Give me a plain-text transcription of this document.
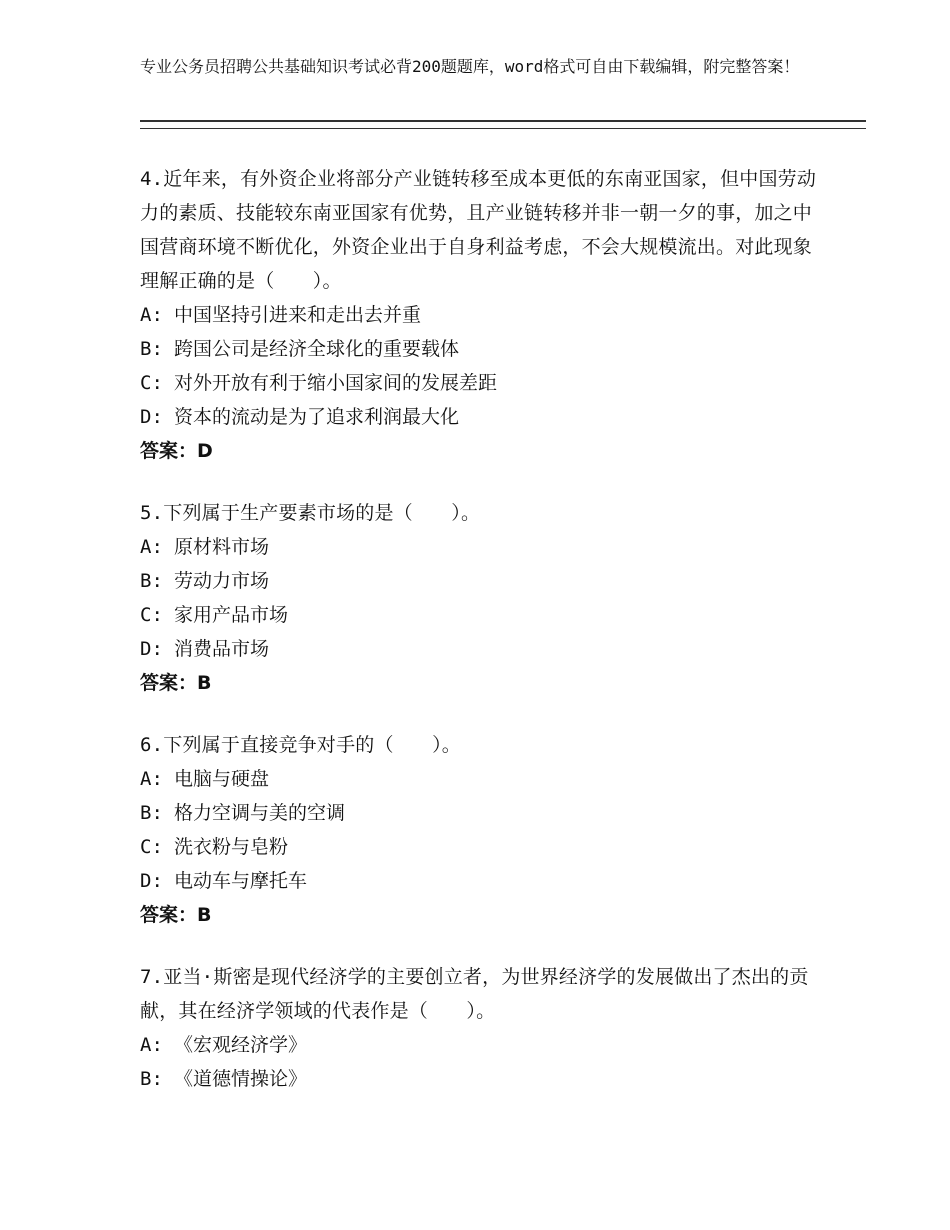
专业公务员招聘公共基础知识考试必背200题题库，word格式可自由下载编辑，附完整答案！

4.近年来，有外资企业将部分产业链转移至成本更低的东南亚国家，但中国劳动力的素质、技能较东南亚国家有优势，且产业链转移并非一朝一夕的事，加之中国营商环境不断优化，外资企业出于自身利益考虑，不会大规模流出。对此现象理解正确的是（　　）。

A: 中国坚持引进来和走出去并重

B: 跨国公司是经济全球化的重要载体

C: 对外开放有利于缩小国家间的发展差距

D: 资本的流动是为了追求利润最大化

答案：D

5.下列属于生产要素市场的是（　　）。

A: 原材料市场

B: 劳动力市场

C: 家用产品市场

D: 消费品市场

答案：B

6.下列属于直接竞争对手的（　　）。

A: 电脑与硬盘

B: 格力空调与美的空调

C: 洗衣粉与皂粉

D: 电动车与摩托车

答案：B

7.亚当·斯密是现代经济学的主要创立者，为世界经济学的发展做出了杰出的贡献，其在经济学领域的代表作是（　　）。

A: 《宏观经济学》

B: 《道德情操论》
